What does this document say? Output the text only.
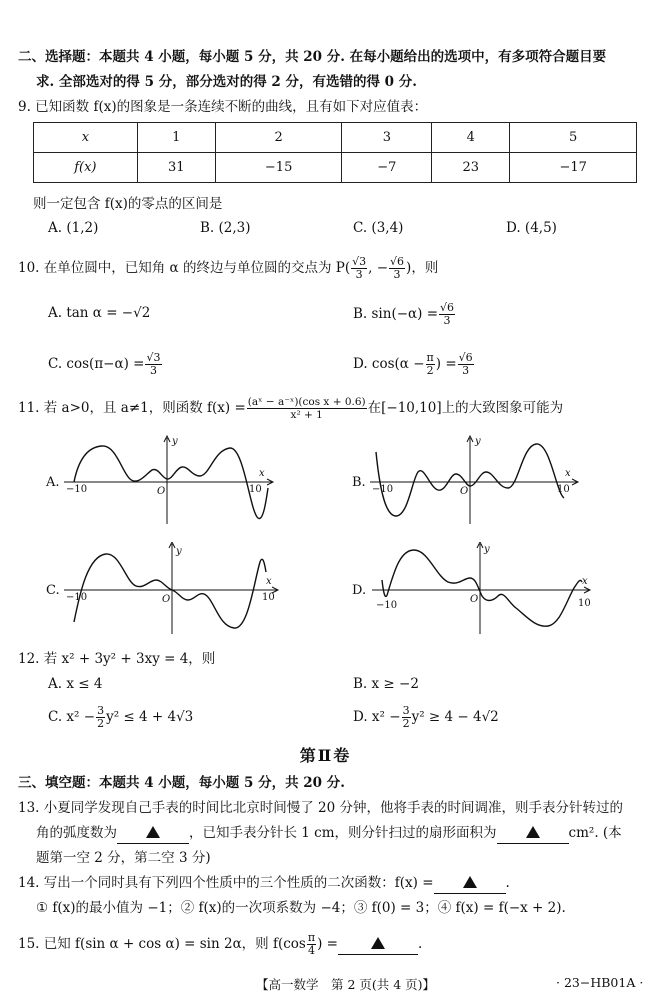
二、选择题：本题共 4 小题，每小题 5 分，共 20 分. 在每小题给出的选项中，有多项符合题目要
求. 全部选对的得 5 分，部分选对的得 2 分，有选错的得 0 分.
9. 已知函数 f(x)的图象是一条连续不断的曲线，且有如下对应值表：
x	1	2	3	4	5
f(x)	31	−15	−7	23	−17
则一定包含 f(x)的零点的区间是
A. (1,2)	B. (2,3)	C. (3,4)	D. (4,5)
10. 在单位圆中，已知角 α 的终边与单位圆的交点为 $P( \frac{√3}{3}$ , − $\frac{√6}{3}$ )，则
A. tan α = −√2	B. $\sin(-\alpha) = \frac{√6}{3}$
C. $\cos(\pi-\alpha) = \frac{√3}{3}$	D. $\cos(\alpha - \frac{\pi}{2}$ ) = $\frac{√6}{3}$
11. 若 a>0，且 a≠1，则函数 $f(x) = \frac{\text{(aˣ − a⁻ˣ)(cos x + 0.6)}}{\text{x² + 1}}$ 在[−10,10]上的大致图象可能为
A.
y
x
O
−10	10	B.
y
x
O
−10	10
C.
y
x
O
−10	10	D.
y
x
O
−10	10
12. 若 x² + 3y² + 3xy = 4，则
A. x ≤ 4	B. x ≥ −2
C. $x^2 - \frac{3}{2} y^2 \le 4 + 4√3$	D. $x^2 - \frac{3}{2} y^2 \ge 4 - 4√2$
第Ⅱ卷
三、填空题：本题共 4 小题，每小题 5 分，共 20 分.
13. 小夏同学发现自己手表的时间比北京时间慢了 20 分钟，他将手表的时间调准，则手表分针转过的
角的弧度数为	，已知手表分针长 1 cm，则分针扫过的扇形面积为	cm². (本
题第一空 2 分，第二空 3 分)
14. 写出一个同时具有下列四个性质中的三个性质的二次函数：f(x) =	.
① f(x)的最小值为 −1；② f(x)的一次项系数为 −4；③ f(0) = 3；④ f(x) = f(−x + 2).
15. 已知 f(sin α + cos α) = sin 2α，则 $f(\cos \frac{\pi}{4}$ ) =	.
【高一数学　第 2 页(共 4 页)】	· 23−HB01A ·
